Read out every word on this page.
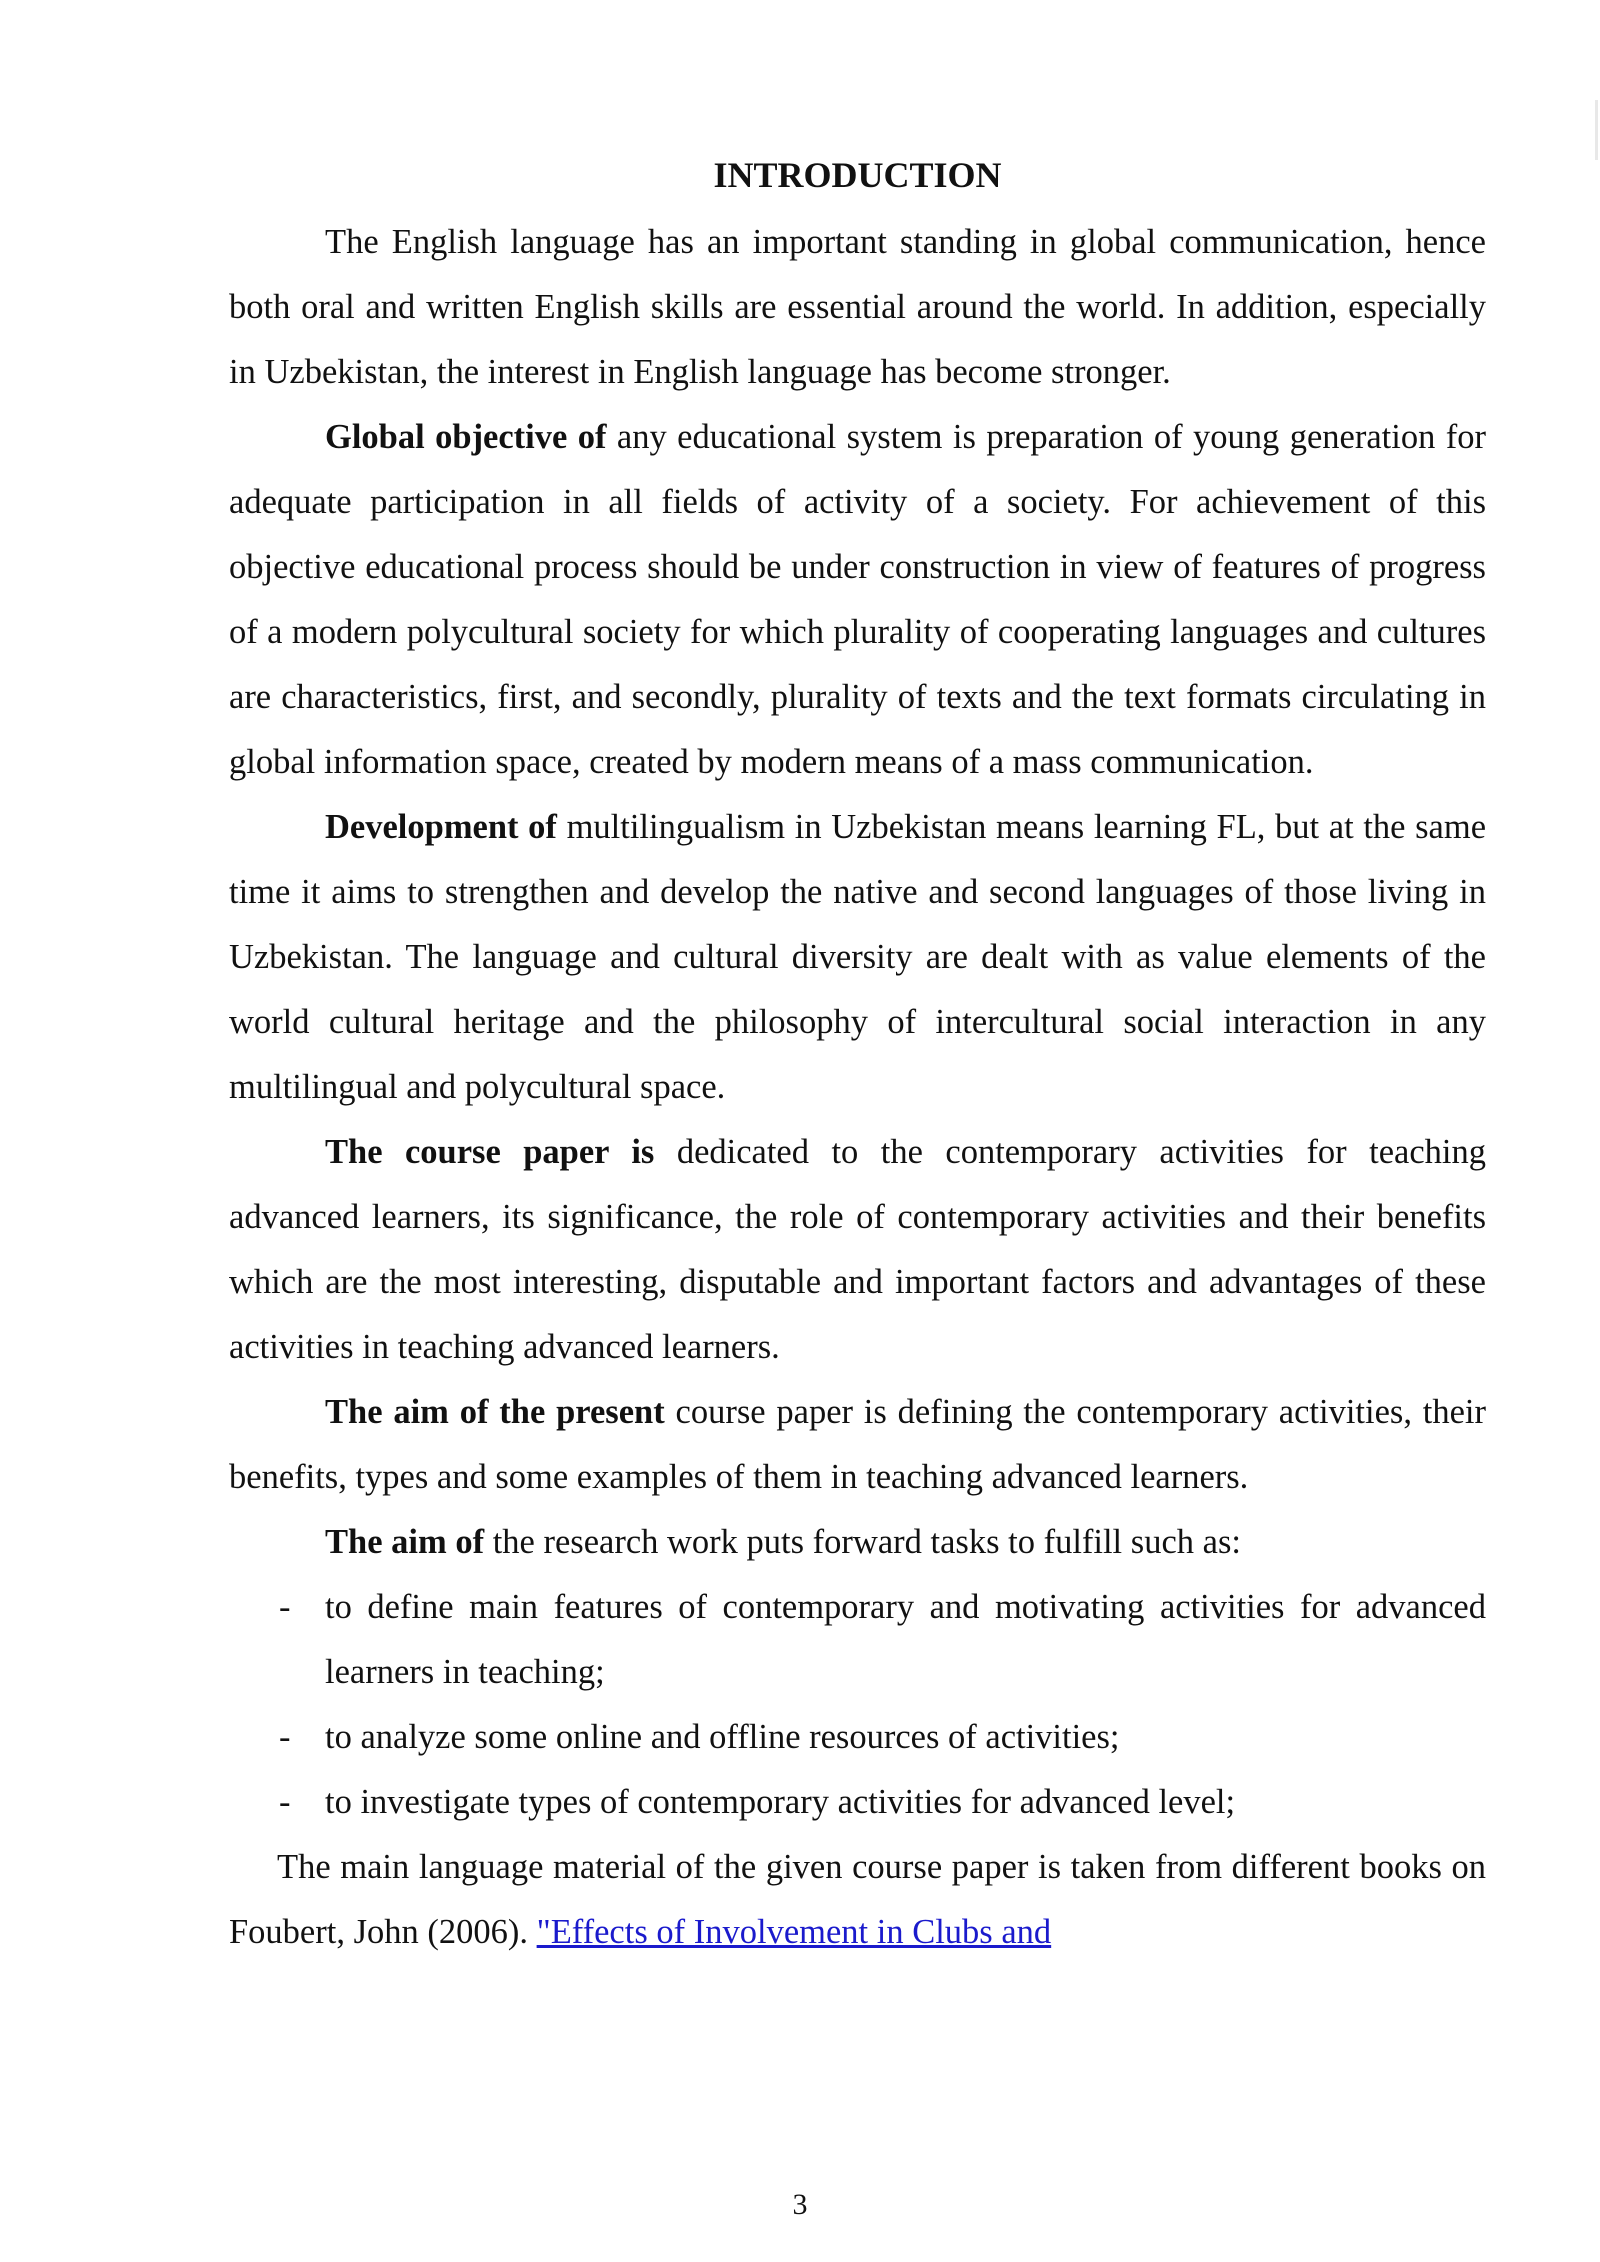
INTRODUCTION

The English language has an important standing in global communication, hence both oral and written English skills are essential around the world. In addition, especially in Uzbekistan, the interest in English language has become stronger.

Global objective of any educational system is preparation of young generation for adequate participation in all fields of activity of a society. For achievement of this objective educational process should be under construction in view of features of progress of a modern polycultural society for which plurality of cooperating languages and cultures are characteristics, first, and secondly, plurality of texts and the text formats circulating in global information space, created by modern means of a mass communication.

Development of multilingualism in Uzbekistan means learning FL, but at the same time it aims to strengthen and develop the native and second languages of those living in Uzbekistan. The language and cultural diversity are dealt with as value elements of the world cultural heritage and the philosophy of intercultural social interaction in any multilingual and polycultural space.

The course paper is dedicated to the contemporary activities for teaching advanced learners, its significance, the role of contemporary activities and their benefits which are the most interesting, disputable and important factors and advantages of these activities in teaching advanced learners.

The aim of the present course paper is defining the contemporary activities, their benefits, types and some examples of them in teaching advanced learners.

The aim of the research work puts forward tasks to fulfill such as:

- to define main features of contemporary and motivating activities for advanced learners in teaching;
- to analyze some online and offline resources of activities;
- to investigate types of contemporary activities for advanced level;

The main language material of the given course paper is taken from different books on Foubert, John (2006). "Effects of Involvement in Clubs and

3
